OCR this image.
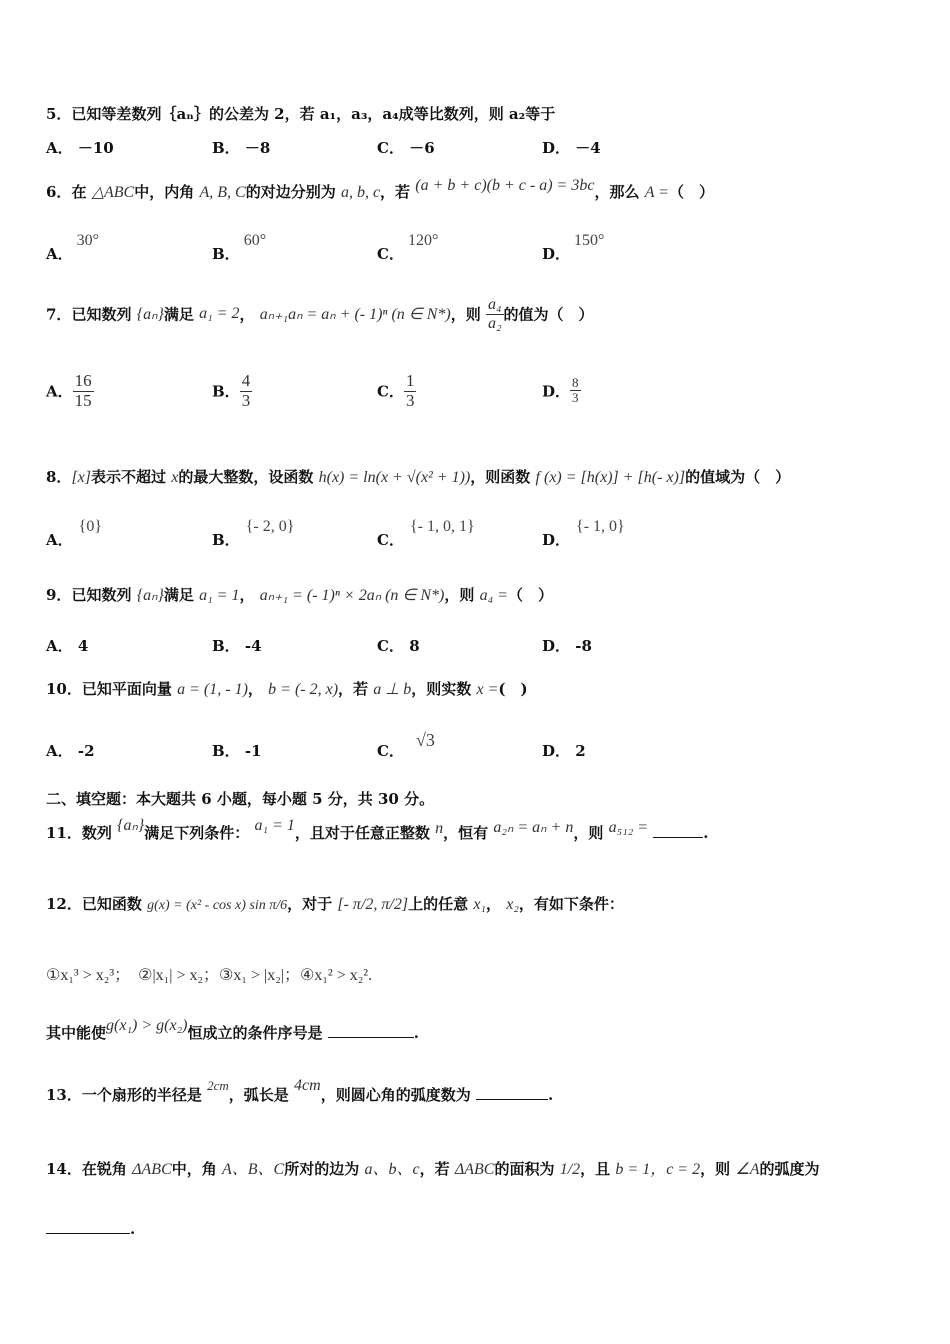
5．已知等差数列｛aₙ｝的公差为 2，若 a₁，a₃，a₄成等比数列，则 a₂等于
A． －10	B． －8	C． －6	D． －4
6．在 △ABC中，内角 A, B, C的对边分别为 a, b, c，若 (a + b + c)(b + c - a) = 3bc，那么 A =（　）
A．30°
B．60°
C．120°
D．150°
7．已知数列 {aₙ}满足 a₁ = 2， aₙ₊₁aₙ = aₙ + (- 1)ⁿ (n ∈ N*)，则 $\frac{\text{a₄}}{\text{a₂}}$ 的值为（　）
A． $\frac{16}{15}$	B． $\frac{4}{3}$	C． $\frac{1}{3}$	D． $\frac{8}{3}$
8．[x]表示不超过 x的最大整数，设函数 h(x) = ln(x + √(x² + 1))，则函数 f (x) = [h(x)] + [h(- x)]的值域为（　）
A．{0}
B．{- 2, 0}
C．{- 1, 0, 1}
D．{- 1, 0}
9．已知数列 {aₙ}满足 a₁ = 1， aₙ₊₁ = (- 1)ⁿ × 2aₙ (n ∈ N*)，则 a₄ =（　）
A． 4	B． -4	C． 8	D． -8
10．已知平面向量 a = (1, - 1)， b = (- 2, x)，若 a ⊥ b，则实数 x =(　)
A． -2	B． -1	C．√3
D． 2
二、填空题：本大题共 6 小题，每小题 5 分，共 30 分。
11．数列 {aₙ}满足下列条件： a₁ = 1，且对于任意正整数 n，恒有 a₂ₙ = aₙ + n，则 a₅₁₂ =	.
12．已知函数 g(x) = (x² - cos x) sin π/6，对于 [- π/2, π/2]上的任意 x₁， x₂，有如下条件：
①x₁³ > x₂³；　②|x₁| > x₂；③x₁ > |x₂|；④x₁² > x₂².
其中能使g(x₁) > g(x₂)恒成立的条件序号是	.
13．一个扇形的半径是 2cm，弧长是 4cm，则圆心角的弧度数为	.
14．在锐角 ΔABC中，角 A、B、C所对的边为 a、b、c，若 ΔABC的面积为 1/2，且 b = 1，c = 2，则 ∠A的弧度为
.
